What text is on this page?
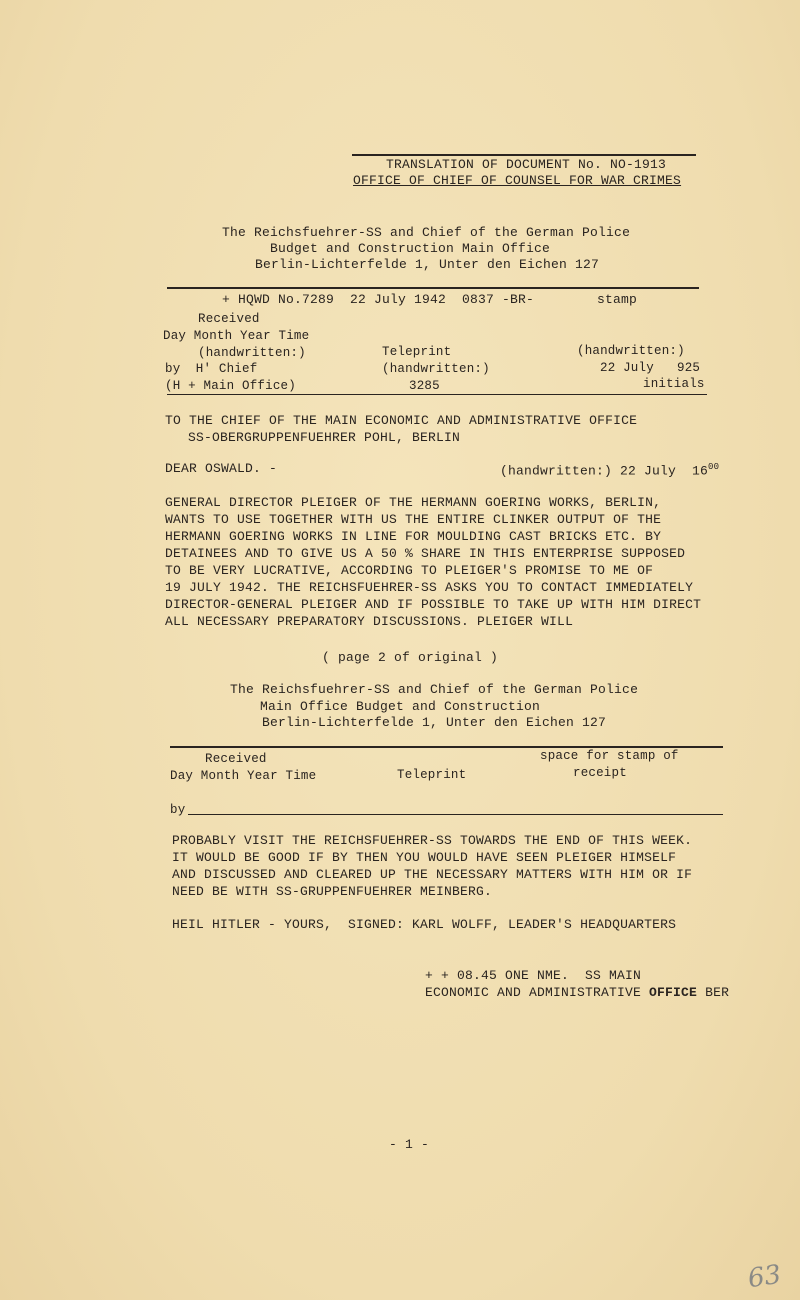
TRANSLATION OF DOCUMENT No. NO-1913
OFFICE OF CHIEF OF COUNSEL FOR WAR CRIMES
The Reichsfuehrer-SS and Chief of the German Police
Budget and Construction Main Office
Berlin-Lichterfelde 1, Unter den Eichen 127
+ HQWD No.7289  22 July 1942  0837 -BR-	stamp
Received
Day Month Year Time
(handwritten:)	Teleprint	(handwritten:)
by  H' Chief	(handwritten:)	22 July   925
(H + Main Office)	3285	initials
TO THE CHIEF OF THE MAIN ECONOMIC AND ADMINISTRATIVE OFFICE
SS-OBERGRUPPENFUEHRER POHL, BERLIN
DEAR OSWALD. -	(handwritten:) 22 July  $16^{00}$
GENERAL DIRECTOR PLEIGER OF THE HERMANN GOERING WORKS, BERLIN,
WANTS TO USE TOGETHER WITH US THE ENTIRE CLINKER OUTPUT OF THE
HERMANN GOERING WORKS IN LINE FOR MOULDING CAST BRICKS ETC. BY
DETAINEES AND TO GIVE US A 50 % SHARE IN THIS ENTERPRISE SUPPOSED
TO BE VERY LUCRATIVE, ACCORDING TO PLEIGER'S PROMISE TO ME OF
19 JULY 1942. THE REICHSFUEHRER-SS ASKS YOU TO CONTACT IMMEDIATELY
DIRECTOR-GENERAL PLEIGER AND IF POSSIBLE TO TAKE UP WITH HIM DIRECT
ALL NECESSARY PREPARATORY DISCUSSIONS. PLEIGER WILL
( page 2 of original )
The Reichsfuehrer-SS and Chief of the German Police
Main Office Budget and Construction
Berlin-Lichterfelde 1, Unter den Eichen 127
Received	space for stamp of
Day Month Year Time	Teleprint	receipt
by
PROBABLY VISIT THE REICHSFUEHRER-SS TOWARDS THE END OF THIS WEEK.
IT WOULD BE GOOD IF BY THEN YOU WOULD HAVE SEEN PLEIGER HIMSELF
AND DISCUSSED AND CLEARED UP THE NECESSARY MATTERS WITH HIM OR IF
NEED BE WITH SS-GRUPPENFUEHRER MEINBERG.
HEIL HITLER - YOURS,  SIGNED: KARL WOLFF, LEADER'S HEADQUARTERS
+ + 08.45 ONE NME.  SS MAIN
ECONOMIC AND ADMINISTRATIVE OFFICE BER
- 1 -
63
